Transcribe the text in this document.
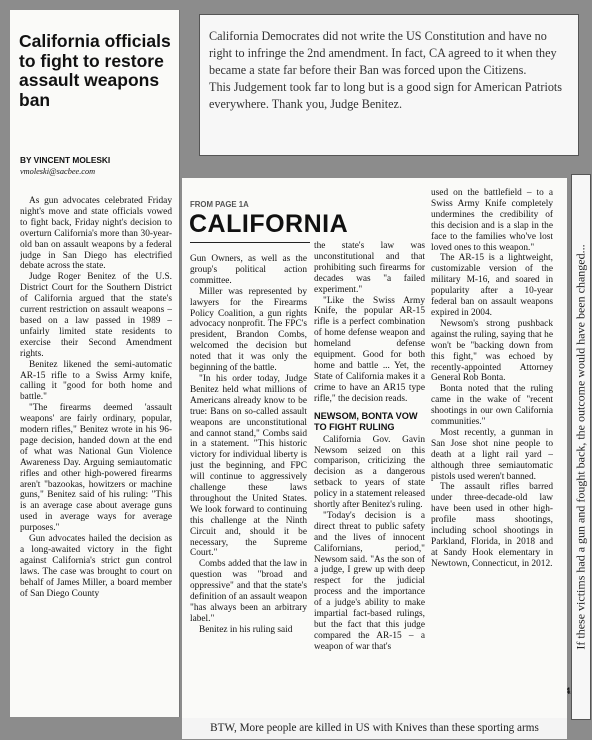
California officials to fight to restore assault weapons ban
BY VINCENT MOLESKI
vmoleski@sacbee.com

As gun advocates celebrated Friday night's move and state officials vowed to fight back, Friday night's decision to overturn California's more than 30-year-old ban on assault weapons by a federal judge in San Diego has electrified debate across the state.

Judge Roger Benitez of the U.S. District Court for the Southern District of California argued that the state's current restriction on assault weapons – based on a law passed in 1989 – unfairly limited state residents to exercise their Second Amendment rights.

Benitez likened the semi-automatic AR-15 rifle to a Swiss Army knife, calling it "good for both home and battle."

"The firearms deemed 'assault weapons' are fairly ordinary, popular, modern rifles," Benitez wrote in his 96-page decision, handed down at the end of what was National Gun Violence Awareness Day. Arguing semiautomatic rifles and other high-powered firearms aren't "bazookas, howitzers or machine guns," Benitez said of his ruling: "This is an average case about average guns used in average ways for average purposes."

Gun advocates hailed the decision as a long-awaited victory in the fight against California's strict gun control laws. The case was brought to court on behalf of James Miller, a board member of San Diego County

California Democrates did not write the US Constitution and have no right to infringe the 2nd amendment. In fact, CA agreed to it when they became a state far before their Ban was forced upon the Citizens.

This Judgement took far to long but is a good sign for American Patriots everywhere. Thank you, Judge Benitez.

FROM PAGE 1A
CALIFORNIA

Gun Owners, as well as the group's political action committee.

Miller was represented by lawyers for the Firearms Policy Coalition, a gun rights advocacy nonprofit. The FPC's president, Brandon Combs, welcomed the decision but noted that it was only the beginning of the battle.

"In his order today, Judge Benitez held what millions of Americans already know to be true: Bans on so-called assault weapons are unconstitutional and cannot stand," Combs said in a statement. "This historic victory for individual liberty is just the beginning, and FPC will continue to aggressively challenge these laws throughout the United States. We look forward to continuing this challenge at the Ninth Circuit and, should it be necessary, the Supreme Court."

Combs added that the law in question was "broad and oppressive" and that the state's definition of an assault weapon "has always been an arbitrary label."

Benitez in his ruling said

the state's law was unconstitutional and that prohibiting such firearms for decades was "a failed experiment."

"Like the Swiss Army Knife, the popular AR-15 rifle is a perfect combination of home defense weapon and homeland defense equipment. Good for both home and battle ... Yet, the State of California makes it a crime to have an AR15 type rifle," the decision reads.

NEWSOM, BONTA VOW TO FIGHT RULING

California Gov. Gavin Newsom seized on this comparison, criticizing the decision as a dangerous setback to years of state policy in a statement released shortly after Benitez's ruling.

"Today's decision is a direct threat to public safety and the lives of innocent Californians, period," Newsom said. "As the son of a judge, I grew up with deep respect for the judicial process and the importance of a judge's ability to make impartial fact-based rulings, but the fact that this judge compared the AR-15 – a weapon of war that's

used on the battlefield – to a Swiss Army Knife completely undermines the credibility of this decision and is a slap in the face to the families who've lost loved ones to this weapon."

The AR-15 is a lightweight, customizable version of the military M-16, and soared in popularity after a 10-year federal ban on assault weapons expired in 2004.

Newsom's strong pushback against the ruling, saying that he won't be "backing down from this fight," was echoed by recently-appointed Attorney General Rob Bonta.

Bonta noted that the ruling came in the wake of "recent shootings in our own California communities."

Most recently, a gunman in San Jose shot nine people to death at a light rail yard – although three semiautomatic pistols used weren't banned.

The assault rifles barred under three-decade-old law have been used in other high-profile mass shootings, including school shootings in Parkland, Florida, in 2018 and at Sandy Hook elementary in Newtown, Connecticut, in 2012. If these victims had a gun and fought back, the outcome would have been changed...
BTW, More people are killed in US with Knives than these sporting arms
